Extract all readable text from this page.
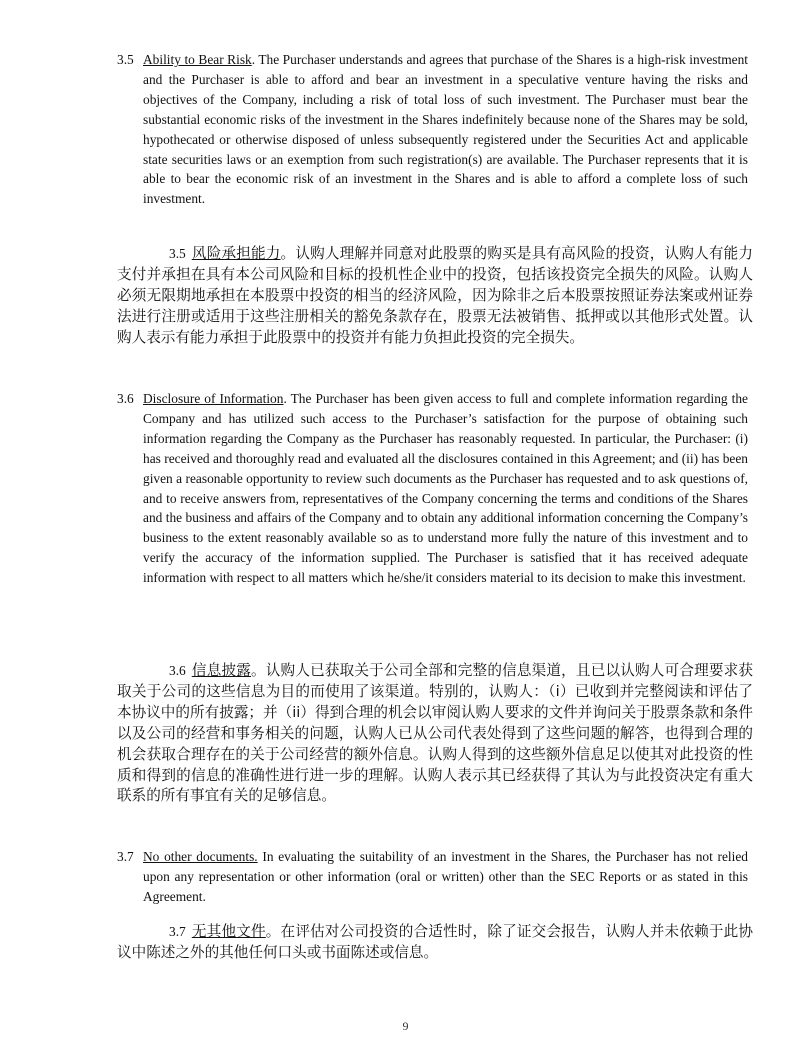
3.5 Ability to Bear Risk. The Purchaser understands and agrees that purchase of the Shares is a high-risk investment and the Purchaser is able to afford and bear an investment in a speculative venture having the risks and objectives of the Company, including a risk of total loss of such investment. The Purchaser must bear the substantial economic risks of the investment in the Shares indefinitely because none of the Shares may be sold, hypothecated or otherwise disposed of unless subsequently registered under the Securities Act and applicable state securities laws or an exemption from such registration(s) are available. The Purchaser represents that it is able to bear the economic risk of an investment in the Shares and is able to afford a complete loss of such investment.

3.5 风险承担能力。认购人理解并同意对此股票的购买是具有高风险的投资，认购人有能力支付并承担在具有本公司风险和目标的投机性企业中的投资，包括该投资完全损失的风险。认购人必须无限期地承担在本股票中投资的相当的经济风险，因为除非之后本股票按照证券法案或州证券法进行注册或适用于这些注册相关的豁免条款存在，股票无法被销售、抵押或以其他形式处置。认购人表示有能力承担于此股票中的投资并有能力负担此投资的完全损失。

3.6 Disclosure of Information. The Purchaser has been given access to full and complete information regarding the Company and has utilized such access to the Purchaser’s satisfaction for the purpose of obtaining such information regarding the Company as the Purchaser has reasonably requested. In particular, the Purchaser: (i) has received and thoroughly read and evaluated all the disclosures contained in this Agreement; and (ii) has been given a reasonable opportunity to review such documents as the Purchaser has requested and to ask questions of, and to receive answers from, representatives of the Company concerning the terms and conditions of the Shares and the business and affairs of the Company and to obtain any additional information concerning the Company’s business to the extent reasonably available so as to understand more fully the nature of this investment and to verify the accuracy of the information supplied. The Purchaser is satisfied that it has received adequate information with respect to all matters which he/she/it considers material to its decision to make this investment.

3.6 信息披露。认购人已获取关于公司全部和完整的信息渠道，且已以认购人可合理要求获取关于公司的这些信息为目的而使用了该渠道。特别的，认购人：（i）已收到并完整阅读和评估了本协议中的所有披露；并（ii）得到合理的机会以审阅认购人要求的文件并询问关于股票条款和条件以及公司的经营和事务相关的问题，认购人已从公司代表处得到了这些问题的解答，也得到合理的机会获取合理存在的关于公司经营的额外信息。认购人得到的这些额外信息足以使其对此投资的性质和得到的信息的准确性进行进一步的理解。认购人表示其已经获得了其认为与此投资决定有重大联系的所有事宜有关的足够信息。

3.7 No other documents. In evaluating the suitability of an investment in the Shares, the Purchaser has not relied upon any representation or other information (oral or written) other than the SEC Reports or as stated in this Agreement.

3.7 无其他文件。在评估对公司投资的合适性时，除了证交会报告，认购人并未依赖于此协议中陈述之外的其他任何口头或书面陈述或信息。

9
